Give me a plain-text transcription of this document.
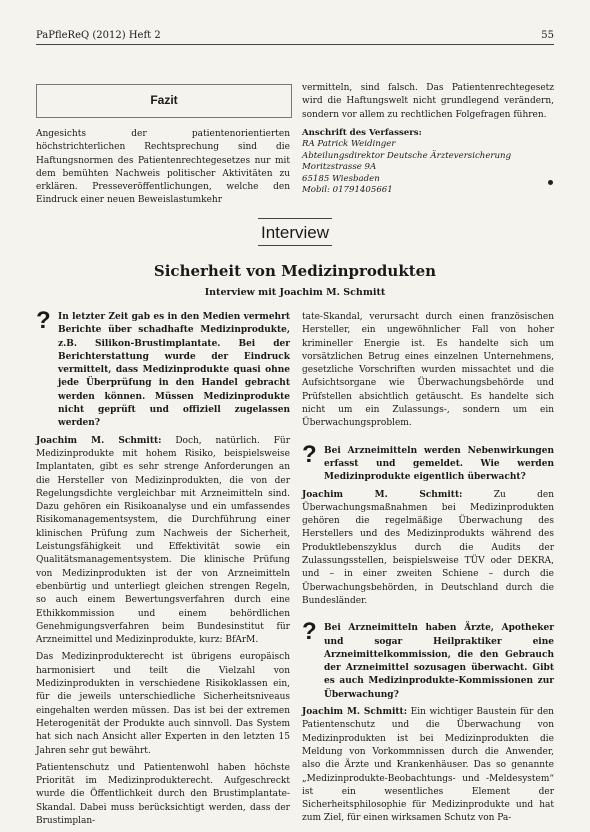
PaPfleReQ (2012) Heft 2	55
Fazit

Angesichts der patientenorientierten höchstrichterlichen Rechtsprechung sind die Haftungsnormen des Patientenrechtegesetzes nur mit dem bemühten Nachweis politischer Aktivitäten zu erklären. Presseveröffentlichungen, welche den Eindruck einer neuen Beweislastumkehr

vermitteln, sind falsch. Das Patientenrechtegesetz wird die Haftungswelt nicht grundlegend verändern, sondern vor allem zu rechtlichen Folgefragen führen.

Anschrift des Verfassers:
RA Patrick Weidinger
Abteilungsdirektor Deutsche Ärzteversicherung
Moritzstrasse 9A
65185 Wiesbaden
Mobil: 01791405661
Interview
Sicherheit von Medizinprodukten
Interview mit Joachim M. Schmitt
? In letzter Zeit gab es in den Medien vermehrt Berichte über schadhafte Medizinprodukte, z.B. Silikon-Brustimplantate. Bei der Berichterstattung wurde der Eindruck vermittelt, dass Medizinprodukte quasi ohne jede Überprüfung in den Handel gebracht werden können. Müssen Medizinprodukte nicht geprüft und offiziell zugelassen werden?

Joachim M. Schmitt: Doch, natürlich. Für Medizinprodukte mit hohem Risiko, beispielsweise Implantaten, gibt es sehr strenge Anforderungen an die Hersteller von Medizinprodukten, die von der Regelungsdichte vergleichbar mit Arzneimitteln sind. Dazu gehören ein Risikoanalyse und ein umfassendes Risikomanagementsystem, die Durchführung einer klinischen Prüfung zum Nachweis der Sicherheit, Leistungsfähigkeit und Effektivität sowie ein Qualitätsmanagementsystem. Die klinische Prüfung von Medizinprodukten ist der von Arzneimitteln ebenbürtig und unterliegt gleichen strengen Regeln, so auch einem Bewertungsverfahren durch eine Ethikkommission und einem behördlichen Genehmigungsverfahren beim Bundesinstitut für Arzneimittel und Medizinprodukte, kurz: BfArM.

Das Medizinprodukterecht ist übrigens europäisch harmonisiert und teilt die Vielzahl von Medizinprodukten in verschiedene Risikoklassen ein, für die jeweils unterschiedliche Sicherheitsniveaus eingehalten werden müssen. Das ist bei der extremen Heterogenität der Produkte auch sinnvoll. Das System hat sich nach Ansicht aller Experten in den letzten 15 Jahren sehr gut bewährt.

Patientenschutz und Patientenwohl haben höchste Priorität im Medizinprodukterecht. Aufgeschreckt wurde die Öffentlichkeit durch den Brustimplantate-Skandal. Dabei muss berücksichtigt werden, dass der Brustimplan-

tate-Skandal, verursacht durch einen französischen Hersteller, ein ungewöhnlicher Fall von hoher krimineller Energie ist. Es handelte sich um vorsätzlichen Betrug eines einzelnen Unternehmens, gesetzliche Vorschriften wurden missachtet und die Aufsichtsorgane wie Überwachungsbehörde und Prüfstellen absichtlich getäuscht. Es handelte sich nicht um ein Zulassungs-, sondern um ein Überwachungsproblem.

? Bei Arzneimitteln werden Nebenwirkungen erfasst und gemeldet. Wie werden Medizinprodukte eigentlich überwacht?

Joachim M. Schmitt: Zu den Überwachungsmaßnahmen bei Medizinprodukten gehören die regelmäßige Überwachung des Herstellers und des Medizinprodukts während des Produktlebenszyklus durch die Audits der Zulassungsstellen, beispielsweise TÜV oder DEKRA, und – in einer zweiten Schiene – durch die Überwachungsbehörden, in Deutschland durch die Bundesländer.

? Bei Arzneimitteln haben Ärzte, Apotheker und sogar Heilpraktiker eine Arzneimittelkommission, die den Gebrauch der Arzneimittel sozusagen überwacht. Gibt es auch Medizinprodukte-Kommissionen zur Überwachung?

Joachim M. Schmitt: Ein wichtiger Baustein für den Patientenschutz und die Überwachung von Medizinprodukten ist bei Medizinprodukten die Meldung von Vorkommnissen durch die Anwender, also die Ärzte und Krankenhäuser. Das so genannte „Medizinprodukte-Beobachtungs- und -Meldesystem“ ist ein wesentliches Element der Sicherheitsphilosophie für Medizinprodukte und hat zum Ziel, für einen wirksamen Schutz von Pa-
